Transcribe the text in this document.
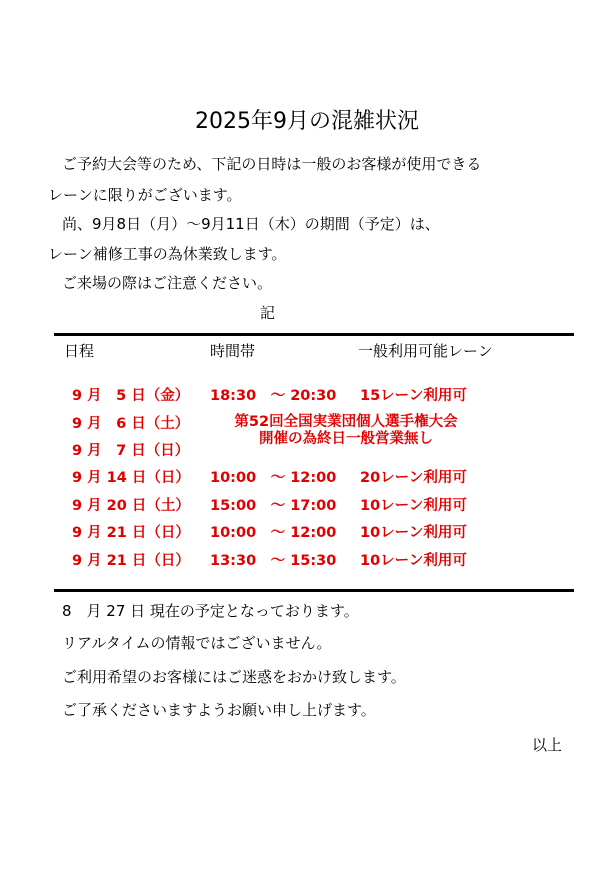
2025年9月の混雑状況
ご予約大会等のため、下記の日時は一般のお客様が使用できる
レーンに限りがございます。
尚、9月8日（月）～9月11日（木）の期間（予定）は、
レーン補修工事の為休業致します。
ご来場の際はご注意ください。
記
日程	時間帯	一般利用可能レーン
9 月　5 日（金） 18:30　～ 20:30 15レーン利用可
9 月　6 日（土）
9 月　7 日（日）
第52回全国実業団個人選手権大会
開催の為終日一般営業無し
9 月 14 日（日） 10:00　～ 12:00 20レーン利用可
9 月 20 日（土） 15:00　～ 17:00 10レーン利用可
9 月 21 日（日） 10:00　～ 12:00 10レーン利用可
9 月 21 日（日） 13:30　～ 15:30 10レーン利用可
8　月 27 日 現在の予定となっております。
リアルタイムの情報ではございません。
ご利用希望のお客様にはご迷惑をおかけ致します。
ご了承くださいますようお願い申し上げます。
以上
